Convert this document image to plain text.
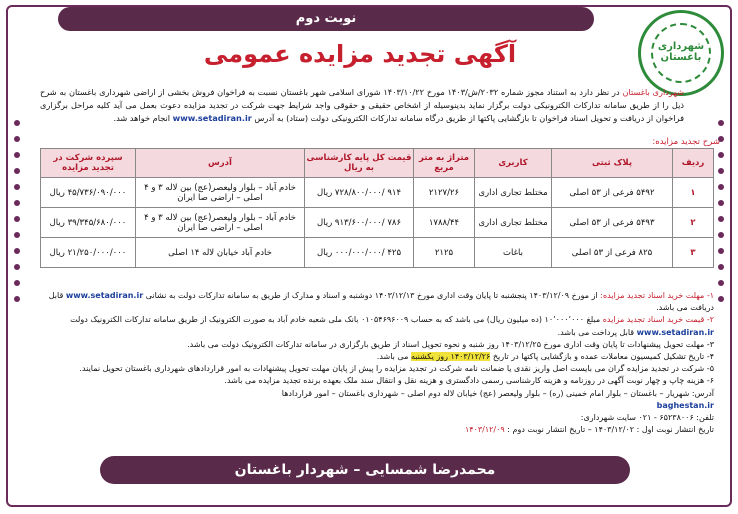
نوبت دوم
شهرداری باغستان
آگهی تجدید مزایده عمومی
شهرداری باغستان در نظر دارد به استناد مجوز شماره ۲۰۳۲/ش/۱۴۰۳ مورخ ۱۴۰۳/۱۰/۲۲ شورای اسلامی شهر باغستان نسبت به فراخوان فروش بخشی از اراضی شهرداری باغستان به شرح ذیل را از طریق سامانه تدارکات الکترونیکی دولت برگزار نماید بدینوسیله از اشخاص حقیقی و حقوقی واجد شرایط جهت شرکت در تجدید مزایده دعوت بعمل می آید کلیه مراحل برگزاری فراخوان از دریافت و تحویل اسناد فراخوان تا بازگشایی پاکتها از طریق درگاه سامانه تدارکات الکترونیکی دولت (ستاد) به آدرس www.setadiran.ir انجام خواهد شد.
شرح تجدید مزایده:
ردیف	پلاک ثبتی	کاربری	متراژ به متر مربع	قیمت کل پایه کارشناسی به ریال	آدرس	سپرده شرکت در تجدید مزایده
۱	۵۴۹۲ فرعی از ۵۳ اصلی	مختلط تجاری اداری	۲۱۲۷/۲۶	۹۱۴ /۷۲۸/۸۰۰/۰۰۰ ریال	خادم آباد – بلوار ولیعصر(عج) بین لاله ۳ و ۴ اصلی – اراضی صا ایران	۴۵/۷۳۶/۰۹۰/۰۰۰ ریال
۲	۵۴۹۳ فرعی از ۵۳ اصلی	مختلط تجاری اداری	۱۷۸۸/۴۴	۷۸۶ /۹۱۳/۶۰۰/۰۰۰ ریال	خادم آباد – بلوار ولیعصر(عج) بین لاله ۳ و ۴ اصلی – اراضی صا ایران	۳۹/۳۴۵/۶۸۰/۰۰۰ ریال
۳	۸۲۵ فرعی از ۵۳ اصلی	باغات	۲۱۲۵	۴۲۵ /۰۰۰/۰۰۰/۰۰۰ ریال	خادم آباد خیابان لاله ۱۴ اصلی	۲۱/۲۵۰/۰۰۰/۰۰۰ ریال
۱- مهلت خرید اسناد تجدید مزایده: از مورخ ۱۴۰۳/۱۲/۰۹ پنجشنبه تا پایان وقت اداری مورخ ۱۴۰۳/۱۲/۱۳ دوشنبه و اسناد و مدارک از طریق به سامانه تدارکات دولت به نشانی www.setadiran.ir قابل دریافت می باشد.
۲- قیمت خرید اسناد تجدید مزایده مبلغ ۱۰٬۰۰۰٬۰۰۰ (ده میلیون ریال) می باشد که به حساب ۰۱۰۵۴۶۹۶۰۰۹ بانک ملی شعبه خادم آباد به صورت الکترونیک از طریق سامانه تدارکات الکترونیک دولت www.setadiran.ir قابل پرداخت می باشد.
۳- مهلت تحویل پیشنهادات تا پایان وقت اداری مورخ ۱۴۰۳/۱۲/۲۵ روز شنبه و نحوه تحویل اسناد از طریق بارگزاری در سامانه تدارکات الکترونیک دولت می باشد.
۴- تاریخ تشکیل کمیسیون معاملات عمده و بازگشایی پاکتها در تاریخ ۱۴۰۳/۱۲/۲۶ روز یکشنبه می باشد.
۵- شرکت در تجدید مزایده گران می بایست اصل واریز نقدی یا ضمانت نامه شرکت در تجدید مزایده را پیش از پایان مهلت تحویل پیشنهادات به امور قراردادهای شهرداری باغستان تحویل نمایند.
۶- هزینه چاپ و چهار نوبت آگهی در روزنامه و هزینه کارشناسی رسمی دادگستری و هزینه نقل و انتقال سند ملک بعهده برنده تجدید مزایده می باشد.
آدرس: شهریار – باغستان – بلوار امام خمینی (ره) – بلوار ولیعصر (عج) خیابان لاله دوم اصلی – شهرداری باغستان – امور قراردادها
baghestan.ir
تلفن: ۶۵۲۳۸۰۰۶ - ۰۲۱ سایت شهرداری:
تاریخ انتشار نوبت اول : ۱۴۰۳/۱۲/۰۲ – تاریخ انتشار نوبت دوم : ۱۴۰۳/۱۲/۰۹
محمدرضا شمسایی – شهردار باغستان
